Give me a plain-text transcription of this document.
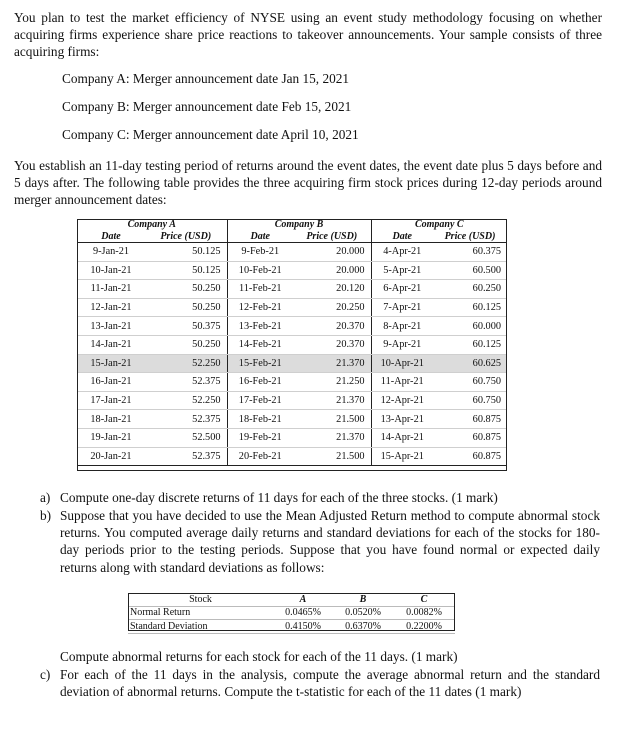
You plan to test the market efficiency of NYSE using an event study methodology focusing on whether acquiring firms experience share price reactions to takeover announcements. Your sample consists of three acquiring firms:
Company A: Merger announcement date Jan 15, 2021
Company B: Merger announcement date Feb 15, 2021
Company C: Merger announcement date April 10, 2021
You establish an 11-day testing period of returns around the event dates, the event date plus 5 days before and 5 days after. The following table provides the three acquiring firm stock prices during 12-day periods around merger announcement dates:
Company A		Company B		Company C	
Date	Price (USD)	Date	Price (USD)	Date	Price (USD)
9-Jan-21	50.125	9-Feb-21	20.000	4-Apr-21	60.375
10-Jan-21	50.125	10-Feb-21	20.000	5-Apr-21	60.500
11-Jan-21	50.250	11-Feb-21	20.120	6-Apr-21	60.250
12-Jan-21	50.250	12-Feb-21	20.250	7-Apr-21	60.125
13-Jan-21	50.375	13-Feb-21	20.370	8-Apr-21	60.000
14-Jan-21	50.250	14-Feb-21	20.370	9-Apr-21	60.125
15-Jan-21	52.250	15-Feb-21	21.370	10-Apr-21	60.625
16-Jan-21	52.375	16-Feb-21	21.250	11-Apr-21	60.750
17-Jan-21	52.250	17-Feb-21	21.370	12-Apr-21	60.750
18-Jan-21	52.375	18-Feb-21	21.500	13-Apr-21	60.875
19-Jan-21	52.500	19-Feb-21	21.370	14-Apr-21	60.875
20-Jan-21	52.375	20-Feb-21	21.500	15-Apr-21	60.875
a) Compute one-day discrete returns of 11 days for each of the three stocks. (1 mark)
b) Suppose that you have decided to use the Mean Adjusted Return method to compute abnormal stock returns. You computed average daily returns and standard deviations for each of the stocks for 180-day periods prior to the testing periods. Suppose that you have found normal or expected daily returns along with standard deviations as follows:
Stock	A	B	C
Normal Return	0.0465%	0.0520%	0.0082%
Standard Deviation	0.4150%	0.6370%	0.2200%
Compute abnormal returns for each stock for each of the 11 days. (1 mark)
c) For each of the 11 days in the analysis, compute the average abnormal return and the standard deviation of abnormal returns. Compute the t-statistic for each of the 11 dates (1 mark)
